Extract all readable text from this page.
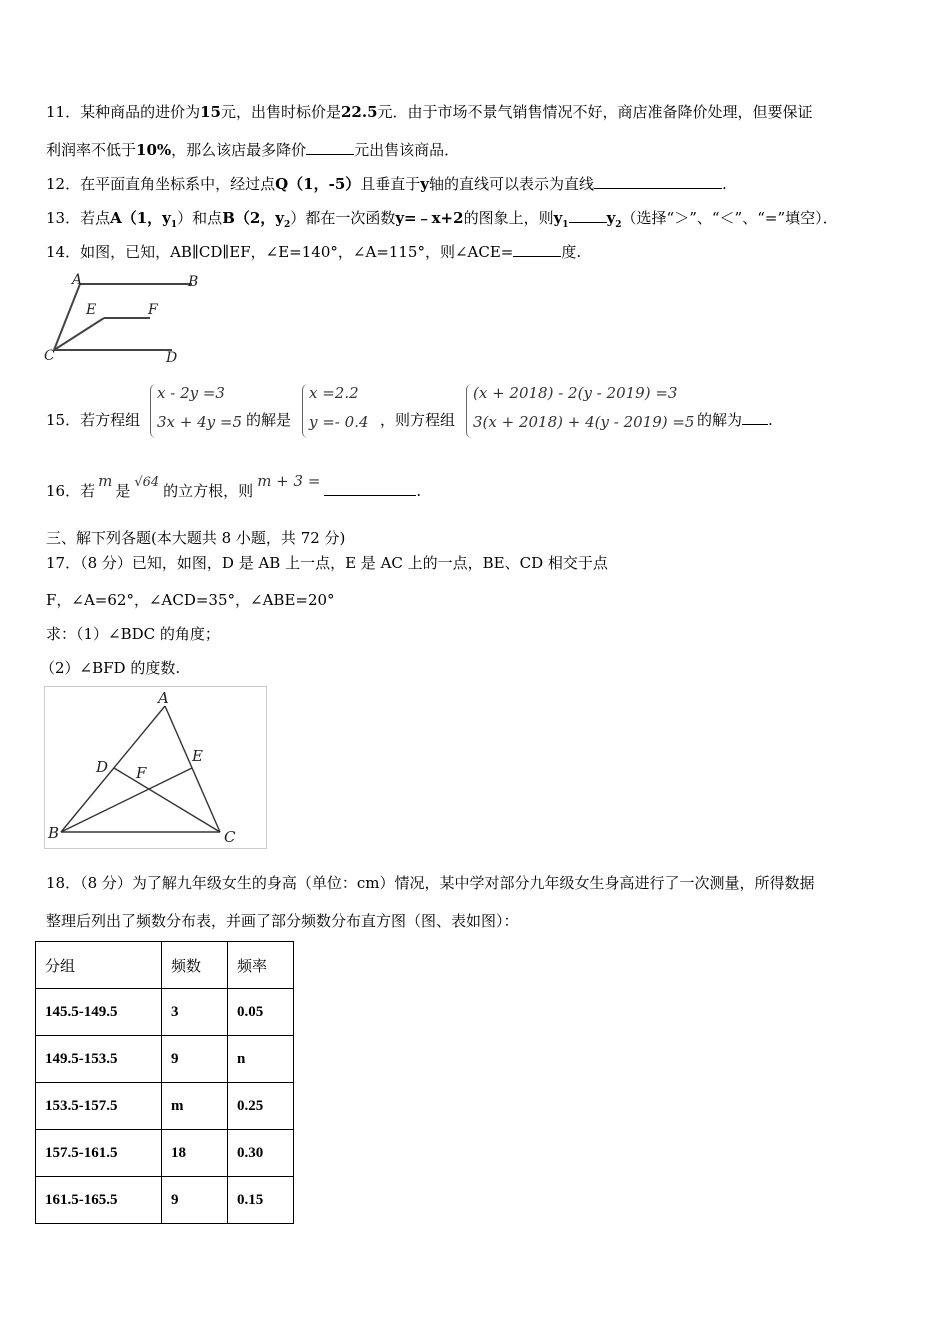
11．某种商品的进价为15元，出售时标价是22.5元．由于市场不景气销售情况不好，商店准备降价处理，但要保证
利润率不低于10%，那么该店最多降价	元出售该商品．
12．在平面直角坐标系中，经过点Q（1，-5）且垂直于y轴的直线可以表示为直线	.
13．若点A（1，$y_1$）和点B（2，$y_2$）都在一次函数y=﹣x+2的图象上，则$y_1$	$y_2$（选择“＞”、“＜”、“=”填空）．
14．如图，已知，AB∥CD∥EF，∠E=140°，∠A=115°，则∠ACE=	度.
A	B
E	F
C	D
15．若方程组
x - 2y =3
3x + 4y =5 的解是
x =2.2
y =- 0.4 ，则方程组
(x + 2018) - 2(y - 2019) =3
3(x + 2018) + 4(y - 2019) =5 的解为 .
16．若m是 √64 的立方根，则m + 3 =.
三、解下列各题(本大题共 8 小题，共 72 分)
17．（8 分）已知，如图，D 是 AB 上一点，E 是 AC 上的一点，BE、CD 相交于点
F，∠A=62°，∠ACD=35°，∠ABE=20°
求：（1）∠BDC 的角度；
（2）∠BFD 的度数.
A
D F
E
B	C
18．（8 分）为了解九年级女生的身高（单位：cm）情况，某中学对部分九年级女生身高进行了一次测量，所得数据
整理后列出了频数分布表，并画了部分频数分布直方图（图、表如图）：
分组	频数	频率
145.5-149.5	3	0.05
149.5-153.5	9	n
153.5-157.5	m	0.25
157.5-161.5	18	0.30
161.5-165.5	9	0.15
